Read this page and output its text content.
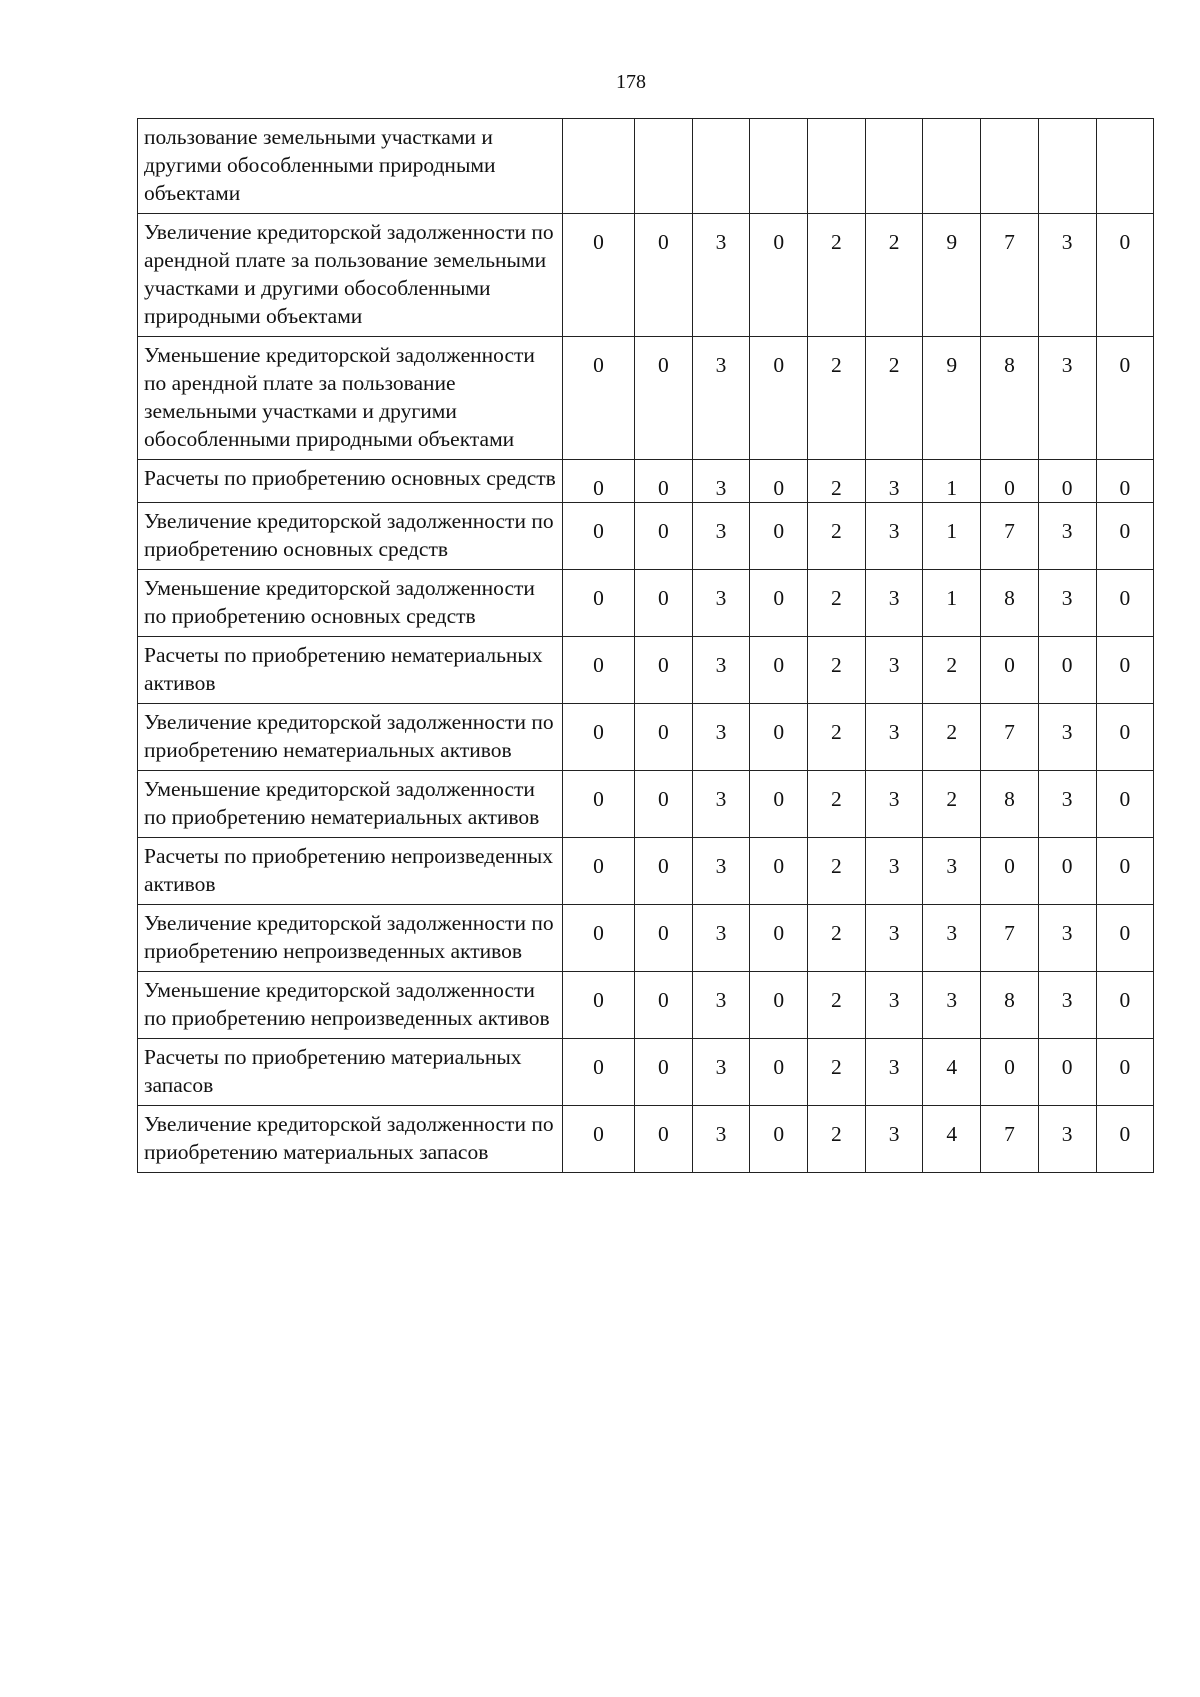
178
пользование земельными участками и другими обособленными природными объектами										
Увеличение кредиторской задолженности по арендной плате за пользование земельными участками и другими обособленными природными объектами	0	0	3	0	2	2	9	7	3	0
Уменьшение кредиторской задолженности по арендной плате за пользование земельными участками и другими обособленными природными объектами	0	0	3	0	2	2	9	8	3	0
Расчеты по приобретению основных средств	0	0	3	0	2	3	1	0	0	0
Увеличение кредиторской задолженности по приобретению основных средств	0	0	3	0	2	3	1	7	3	0
Уменьшение кредиторской задолженности по приобретению основных средств	0	0	3	0	2	3	1	8	3	0
Расчеты по приобретению нематериальных активов	0	0	3	0	2	3	2	0	0	0
Увеличение кредиторской задолженности по приобретению нематериальных активов	0	0	3	0	2	3	2	7	3	0
Уменьшение кредиторской задолженности по приобретению нематериальных активов	0	0	3	0	2	3	2	8	3	0
Расчеты по приобретению непроизведенных активов	0	0	3	0	2	3	3	0	0	0
Увеличение кредиторской задолженности по приобретению непроизведенных активов	0	0	3	0	2	3	3	7	3	0
Уменьшение кредиторской задолженности по приобретению непроизведенных активов	0	0	3	0	2	3	3	8	3	0
Расчеты по приобретению материальных запасов	0	0	3	0	2	3	4	0	0	0
Увеличение кредиторской задолженности по приобретению материальных запасов	0	0	3	0	2	3	4	7	3	0
